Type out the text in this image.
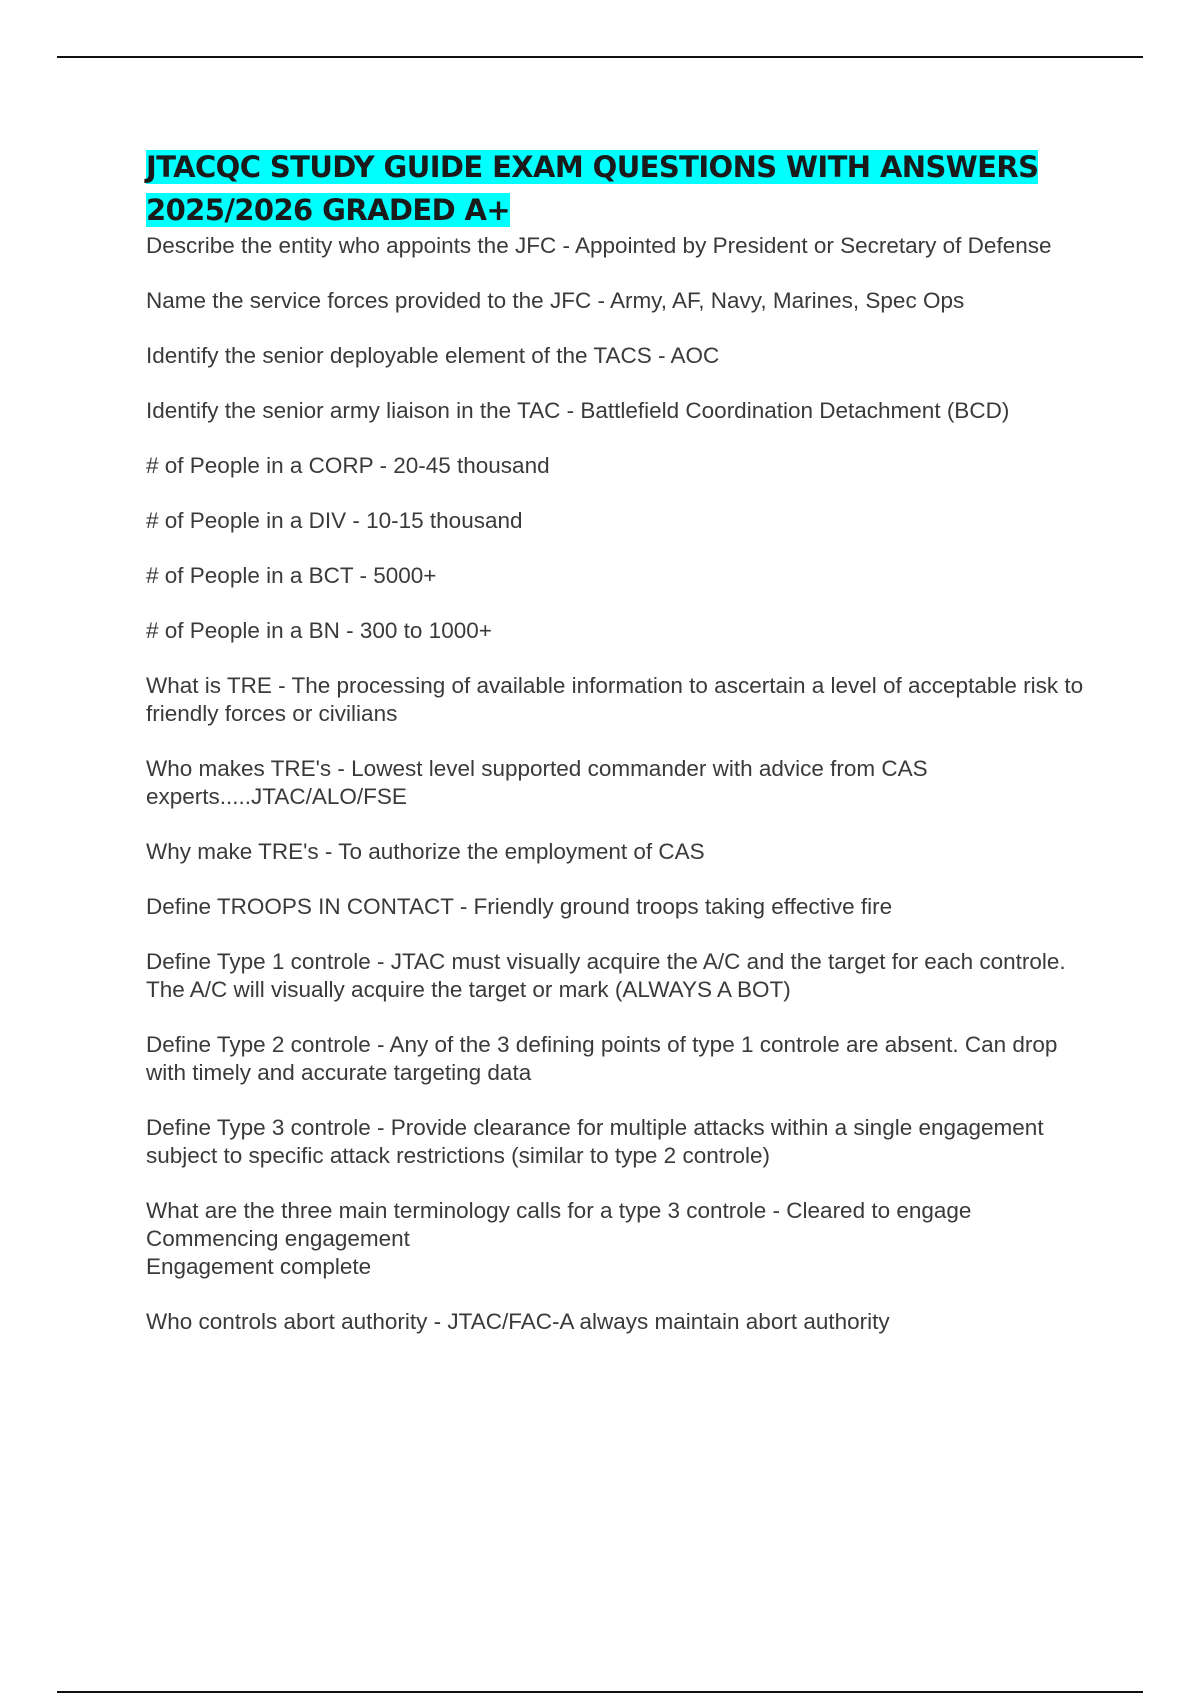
JTACQC STUDY GUIDE EXAM QUESTIONS WITH ANSWERS 2025/2026 GRADED A+
Describe the entity who appoints the JFC - Appointed by President or Secretary of Defense
Name the service forces provided to the JFC - Army, AF, Navy, Marines, Spec Ops
Identify the senior deployable element of the TACS - AOC
Identify the senior army liaison in the TAC - Battlefield Coordination Detachment (BCD)
# of People in a CORP - 20-45 thousand
# of People in a DIV - 10-15 thousand
# of People in a BCT - 5000+
# of People in a BN - 300 to 1000+
What is TRE - The processing of available information to ascertain a level of acceptable risk to friendly forces or civilians
Who makes TRE's - Lowest level supported commander with advice from CAS experts.....JTAC/ALO/FSE
Why make TRE's - To authorize the employment of CAS
Define TROOPS IN CONTACT - Friendly ground troops taking effective fire
Define Type 1 controle - JTAC must visually acquire the A/C and the target for each controle. The A/C will visually acquire the target or mark (ALWAYS A BOT)
Define Type 2 controle - Any of the 3 defining points of type 1 controle are absent. Can drop with timely and accurate targeting data
Define Type 3 controle - Provide clearance for multiple attacks within a single engagement subject to specific attack restrictions (similar to type 2 controle)
What are the three main terminology calls for a type 3 controle - Cleared to engage
Commencing engagement
Engagement complete
Who controls abort authority - JTAC/FAC-A always maintain abort authority
